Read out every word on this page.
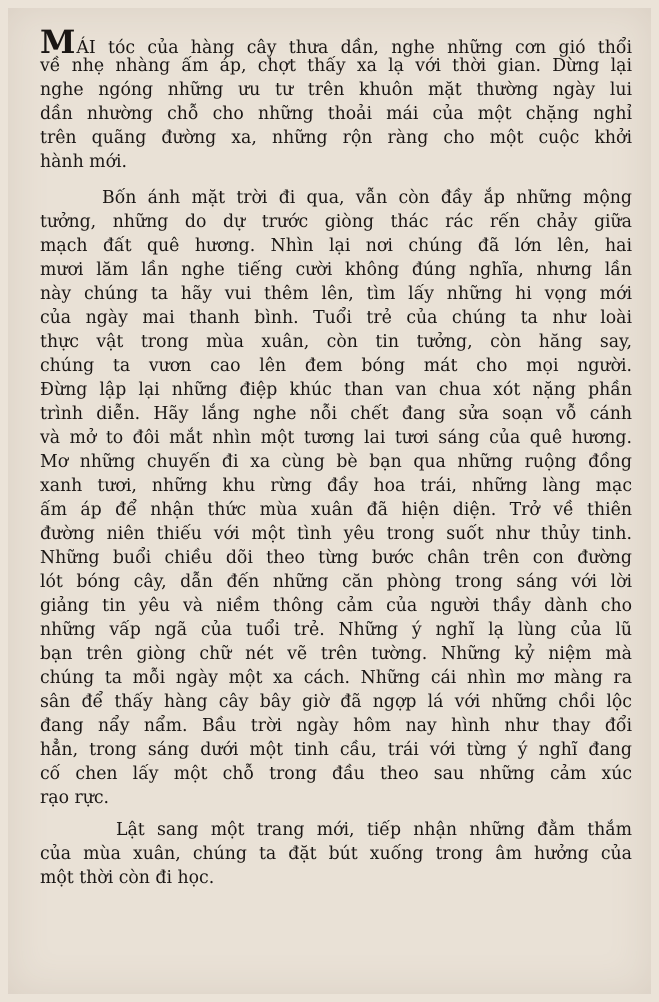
MÁI tóc của hàng cây thưa dần, nghe những cơn gió thổi
về nhẹ nhàng ấm áp, chợt thấy xa lạ với thời gian. Dừng lại
nghe ngóng những ưu tư trên khuôn mặt thường ngày lui
dần nhường chỗ cho những thoải mái của một chặng nghỉ
trên quãng đường xa, những rộn ràng cho một cuộc khởi
hành mới.
Bốn ánh mặt trời đi qua, vẫn còn đầy ắp những mộng
tưởng, những do dự trước giòng thác rác rến chảy giữa
mạch đất quê hương. Nhìn lại nơi chúng đã lớn lên, hai
mươi lăm lần nghe tiếng cười không đúng nghĩa, nhưng lần
này chúng ta hãy vui thêm lên, tìm lấy những hi vọng mới
của ngày mai thanh bình. Tuổi trẻ của chúng ta như loài
thực vật trong mùa xuân, còn tin tưởng, còn hăng say,
chúng ta vươn cao lên đem bóng mát cho mọi người.
Đừng lập lại những điệp khúc than van chua xót nặng phần
trình diễn. Hãy lắng nghe nỗi chết đang sửa soạn vỗ cánh
và mở to đôi mắt nhìn một tương lai tươi sáng của quê hương.
Mơ những chuyến đi xa cùng bè bạn qua những ruộng đồng
xanh tươi, những khu rừng đầy hoa trái, những làng mạc
ấm áp để nhận thức mùa xuân đã hiện diện. Trở về thiên
đường niên thiếu với một tình yêu trong suốt như thủy tinh.
Những buổi chiều dõi theo từng bước chân trên con đường
lót bóng cây, dẫn đến những căn phòng trong sáng với lời
giảng tin yêu và niềm thông cảm của người thầy dành cho
những vấp ngã của tuổi trẻ. Những ý nghĩ lạ lùng của lũ
bạn trên giòng chữ nét vẽ trên tường. Những kỷ niệm mà
chúng ta mỗi ngày một xa cách. Những cái nhìn mơ màng ra
sân để thấy hàng cây bây giờ đã ngợp lá với những chồi lộc
đang nẩy nẩm. Bầu trời ngày hôm nay hình như thay đổi
hẳn, trong sáng dưới một tinh cầu, trái với từng ý nghĩ đang
cố chen lấy một chỗ trong đầu theo sau những cảm xúc
rạo rực.
Lật sang một trang mới, tiếp nhận những đằm thắm
của mùa xuân, chúng ta đặt bút xuống trong âm hưởng của
một thời còn đi học.
